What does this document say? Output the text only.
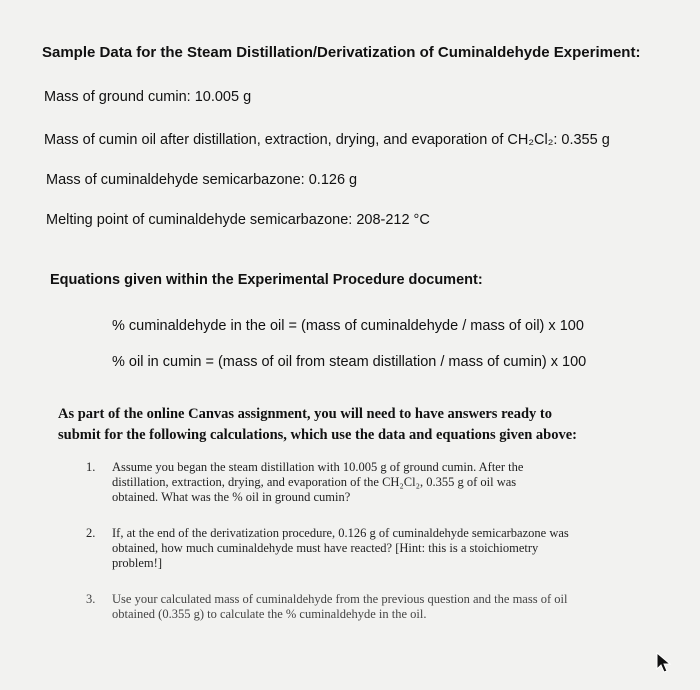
Sample Data for the Steam Distillation/Derivatization of Cuminaldehyde Experiment:
Mass of ground cumin: 10.005 g
Mass of cumin oil after distillation, extraction, drying, and evaporation of CH₂Cl₂: 0.355 g
Mass of cuminaldehyde semicarbazone: 0.126 g
Melting point of cuminaldehyde semicarbazone: 208-212 °C
Equations given within the Experimental Procedure document:
% cuminaldehyde in the oil = (mass of cuminaldehyde / mass of oil) x 100
% oil in cumin = (mass of oil from steam distillation / mass of cumin) x 100
As part of the online Canvas assignment, you will need to have answers ready to
submit for the following calculations, which use the data and equations given above:
1. Assume you began the steam distillation with 10.005 g of ground cumin. After the
distillation, extraction, drying, and evaporation of the CH₂Cl₂, 0.355 g of oil was
obtained. What was the % oil in ground cumin?
2. If, at the end of the derivatization procedure, 0.126 g of cuminaldehyde semicarbazone was
obtained, how much cuminaldehyde must have reacted? [Hint: this is a stoichiometry
problem!]
3. Use your calculated mass of cuminaldehyde from the previous question and the mass of oil
obtained (0.355 g) to calculate the % cuminaldehyde in the oil.
